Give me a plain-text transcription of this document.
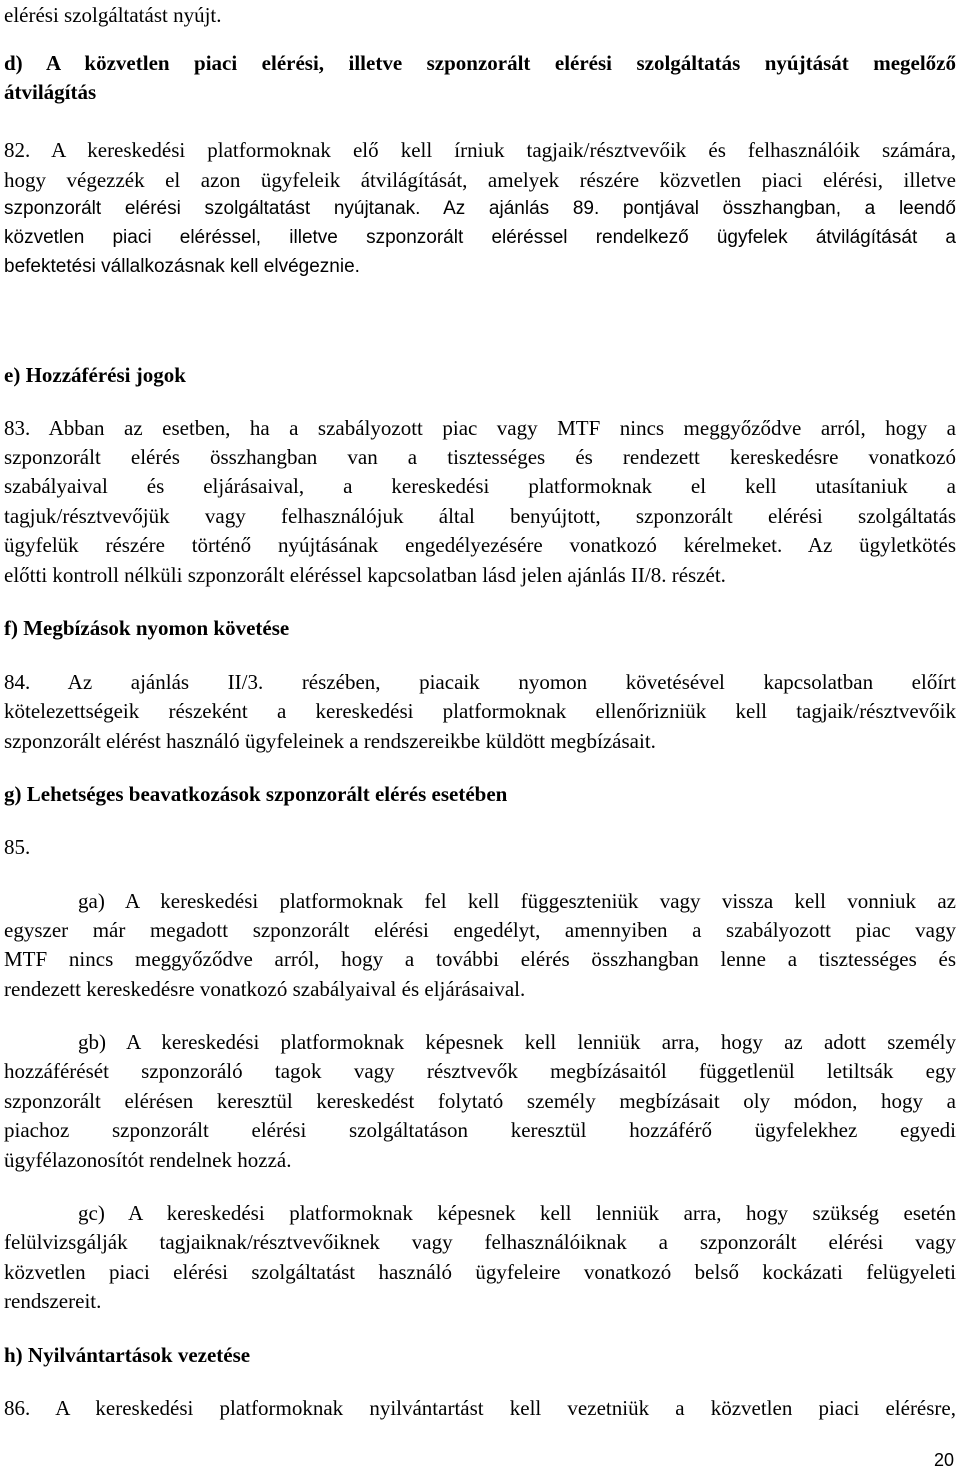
elérési szolgáltatást nyújt.
d) A közvetlen piaci elérési, illetve szponzorált elérési szolgáltatás nyújtását megelőző
átvilágítás
82. A kereskedési platformoknak elő kell írniuk tagjaik/résztvevőik és felhasználóik számára,
hogy végezzék el azon ügyfeleik átvilágítását, amelyek részére közvetlen piaci elérési, illetve
szponzorált elérési szolgáltatást nyújtanak. Az ajánlás 89. pontjával összhangban, a leendő
közvetlen piaci eléréssel, illetve szponzorált eléréssel rendelkező ügyfelek átvilágítását a
befektetési vállalkozásnak kell elvégeznie.
e) Hozzáférési jogok
83. Abban az esetben, ha a szabályozott piac vagy MTF nincs meggyőződve arról, hogy a
szponzorált elérés összhangban van a tisztességes és rendezett kereskedésre vonatkozó
szabályaival és eljárásaival, a kereskedési platformoknak el kell utasítaniuk a
tagjuk/résztvevőjük vagy felhasználójuk által benyújtott, szponzorált elérési szolgáltatás
ügyfelük részére történő nyújtásának engedélyezésére vonatkozó kérelmeket. Az ügyletkötés
előtti kontroll nélküli szponzorált eléréssel kapcsolatban lásd jelen ajánlás II/8. részét.
f) Megbízások nyomon követése
84. Az ajánlás II/3. részében, piacaik nyomon követésével kapcsolatban előírt
kötelezettségeik részeként a kereskedési platformoknak ellenőrizniük kell tagjaik/résztvevőik
szponzorált elérést használó ügyfeleinek a rendszereikbe küldött megbízásait.
g) Lehetséges beavatkozások szponzorált elérés esetében
85.
ga) A kereskedési platformoknak fel kell függeszteniük vagy vissza kell vonniuk az
egyszer már megadott szponzorált elérési engedélyt, amennyiben a szabályozott piac vagy
MTF nincs meggyőződve arról, hogy a további elérés összhangban lenne a tisztességes és
rendezett kereskedésre vonatkozó szabályaival és eljárásaival.
gb) A kereskedési platformoknak képesnek kell lenniük arra, hogy az adott személy
hozzáférését szponzoráló tagok vagy résztvevők megbízásaitól függetlenül letiltsák egy
szponzorált elérésen keresztül kereskedést folytató személy megbízásait oly módon, hogy a
piachoz szponzorált elérési szolgáltatáson keresztül hozzáférő ügyfelekhez egyedi
ügyfélazonosítót rendelnek hozzá.
gc) A kereskedési platformoknak képesnek kell lenniük arra, hogy szükség esetén
felülvizsgálják tagjaiknak/résztvevőiknek vagy felhasználóiknak a szponzorált elérési vagy
közvetlen piaci elérési szolgáltatást használó ügyfeleire vonatkozó belső kockázati felügyeleti
rendszereit.
h) Nyilvántartások vezetése
86. A kereskedési platformoknak nyilvántartást kell vezetniük a közvetlen piaci elérésre,
20
